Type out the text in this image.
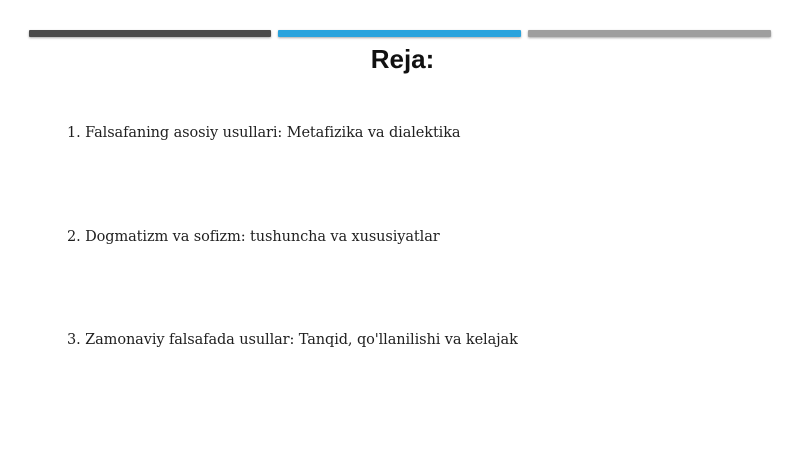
Reja:
1. Falsafaning asosiy usullari: Metafizika va dialektika
2. Dogmatizm va sofizm: tushuncha va xususiyatlar
3. Zamonaviy falsafada usullar: Tanqid, qo'llanilishi va kelajak
